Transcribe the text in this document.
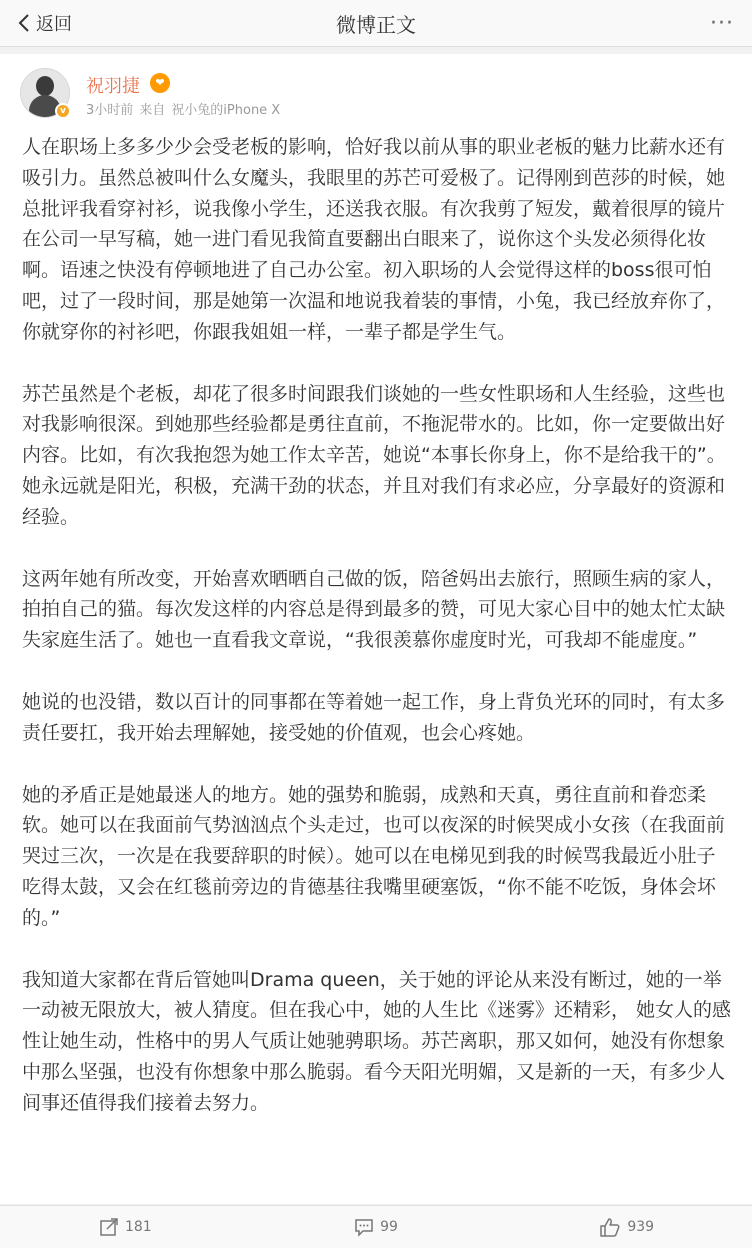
返回	微博正文	···
v
祝羽捷	❤
3小时前 来自 祝小兔的iPhone X

人在职场上多多少少会受老板的影响，恰好我以前从事的职业老板的魅力比薪水还有吸引力。虽然总被叫什么女魔头，我眼里的苏芒可爱极了。记得刚到芭莎的时候，她总批评我看穿衬衫，说我像小学生，还送我衣服。有次我剪了短发，戴着很厚的镜片在公司一早写稿，她一进门看见我简直要翻出白眼来了，说你这个头发必须得化妆啊。语速之快没有停顿地进了自己办公室。初入职场的人会觉得这样的boss很可怕吧，过了一段时间，那是她第一次温和地说我着装的事情，小兔，我已经放弃你了，你就穿你的衬衫吧，你跟我姐姐一样，一辈子都是学生气。

苏芒虽然是个老板，却花了很多时间跟我们谈她的一些女性职场和人生经验，这些也对我影响很深。到她那些经验都是勇往直前，不拖泥带水的。比如，你一定要做出好内容。比如，有次我抱怨为她工作太辛苦，她说“本事长你身上，你不是给我干的”。她永远就是阳光，积极，充满干劲的状态，并且对我们有求必应，分享最好的资源和经验。

这两年她有所改变，开始喜欢晒晒自己做的饭，陪爸妈出去旅行，照顾生病的家人，拍拍自己的猫。每次发这样的内容总是得到最多的赞，可见大家心目中的她太忙太缺失家庭生活了。她也一直看我文章说，“我很羡慕你虚度时光，可我却不能虚度。”

她说的也没错，数以百计的同事都在等着她一起工作，身上背负光环的同时，有太多责任要扛，我开始去理解她，接受她的价值观，也会心疼她。

她的矛盾正是她最迷人的地方。她的强势和脆弱，成熟和天真，勇往直前和眷恋柔软。她可以在我面前气势汹汹点个头走过，也可以夜深的时候哭成小女孩（在我面前哭过三次，一次是在我要辞职的时候）。她可以在电梯见到我的时候骂我最近小肚子吃得太鼓，又会在红毯前旁边的肯德基往我嘴里硬塞饭，“你不能不吃饭，身体会坏的。”

我知道大家都在背后管她叫Drama queen，关于她的评论从来没有断过，她的一举一动被无限放大，被人猜度。但在我心中，她的人生比《迷雾》还精彩， 她女人的感性让她生动，性格中的男人气质让她驰骋职场。苏芒离职，那又如何，她没有你想象中那么坚强，也没有你想象中那么脆弱。看今天阳光明媚，又是新的一天，有多少人间事还值得我们接着去努力。

181	99	939
